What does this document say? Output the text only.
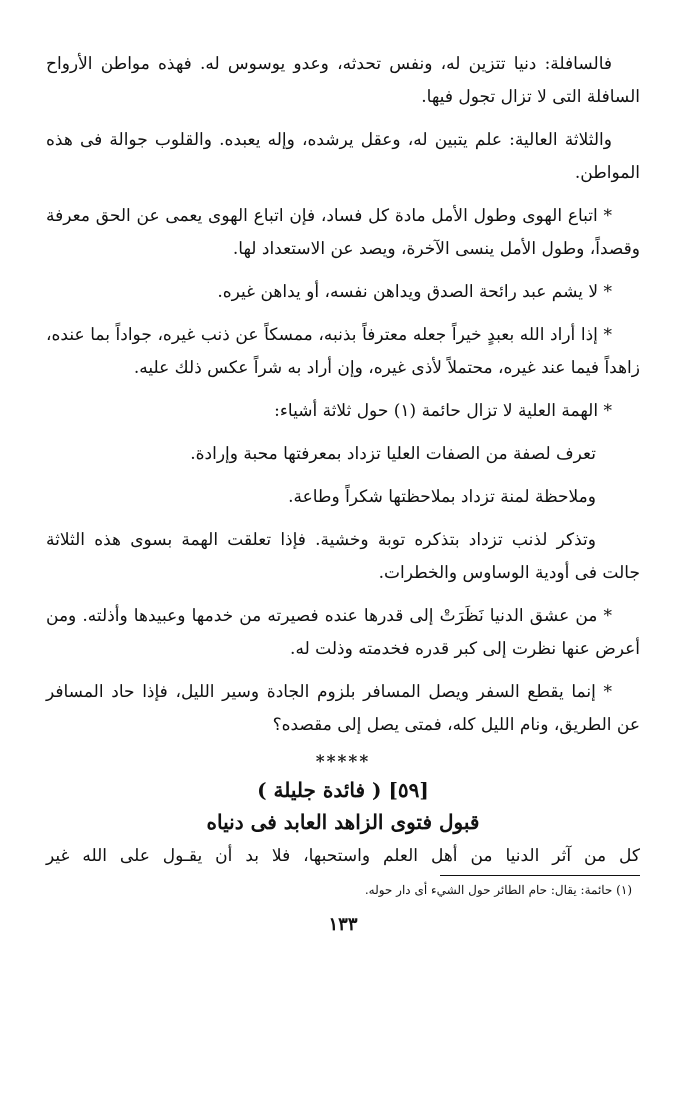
فالسافلة: دنيا تتزين له، ونفس تحدثه، وعدو يوسوس له. فهذه مواطن الأرواح السافلة التى لا تزال تجول فيها.

والثلاثة العالية: علم يتبين له، وعقل يرشده، وإله يعبده. والقلوب جوالة فى هذه المواطن.

* اتباع الهوى وطول الأمل مادة كل فساد، فإن اتباع الهوى يعمى عن الحق معرفة وقصداً، وطول الأمل ينسى الآخرة، ويصد عن الاستعداد لها.

* لا يشم عبد رائحة الصدق ويداهن نفسه، أو يداهن غيره.

* إذا أراد الله بعبدٍ خيراً جعله معترفاً بذنبه، ممسكاً عن ذنب غيره، جواداً بما عنده، زاهداً فيما عند غيره، محتملاً لأذى غيره، وإن أراد به شراً عكس ذلك عليه.

* الهمة العلية لا تزال حائمة (١) حول ثلاثة أشياء:

تعرف لصفة من الصفات العليا تزداد بمعرفتها محبة وإرادة.

وملاحظة لمنة تزداد بملاحظتها شكراً وطاعة.

وتذكر لذنب تزداد بتذكره توبة وخشية. فإذا تعلقت الهمة بسوى هذه الثلاثة جالت فى أودية الوساوس والخطرات.

* من عشق الدنيا نَظَرَتْ إلى قدرها عنده فصيرته من خدمها وعبيدها وأذلته. ومن أعرض عنها نظرت إلى كبر قدره فخدمته وذلت له.

* إنما يقطع السفر ويصل المسافر بلزوم الجادة وسير الليل، فإذا حاد المسافر عن الطريق، ونام الليل كله، فمتى يصل إلى مقصده؟

*****
[٥٩] ( فائدة جليلة )
قبول فتوى الزاهد العابد فى دنياه

كل من آثر الدنيا من أهل العلم واستحبها، فلا بد أن يقـول على الله غير

(١) حائمة: يقال: حام الطائر حول الشيء أى دار حوله.

١٣٣
